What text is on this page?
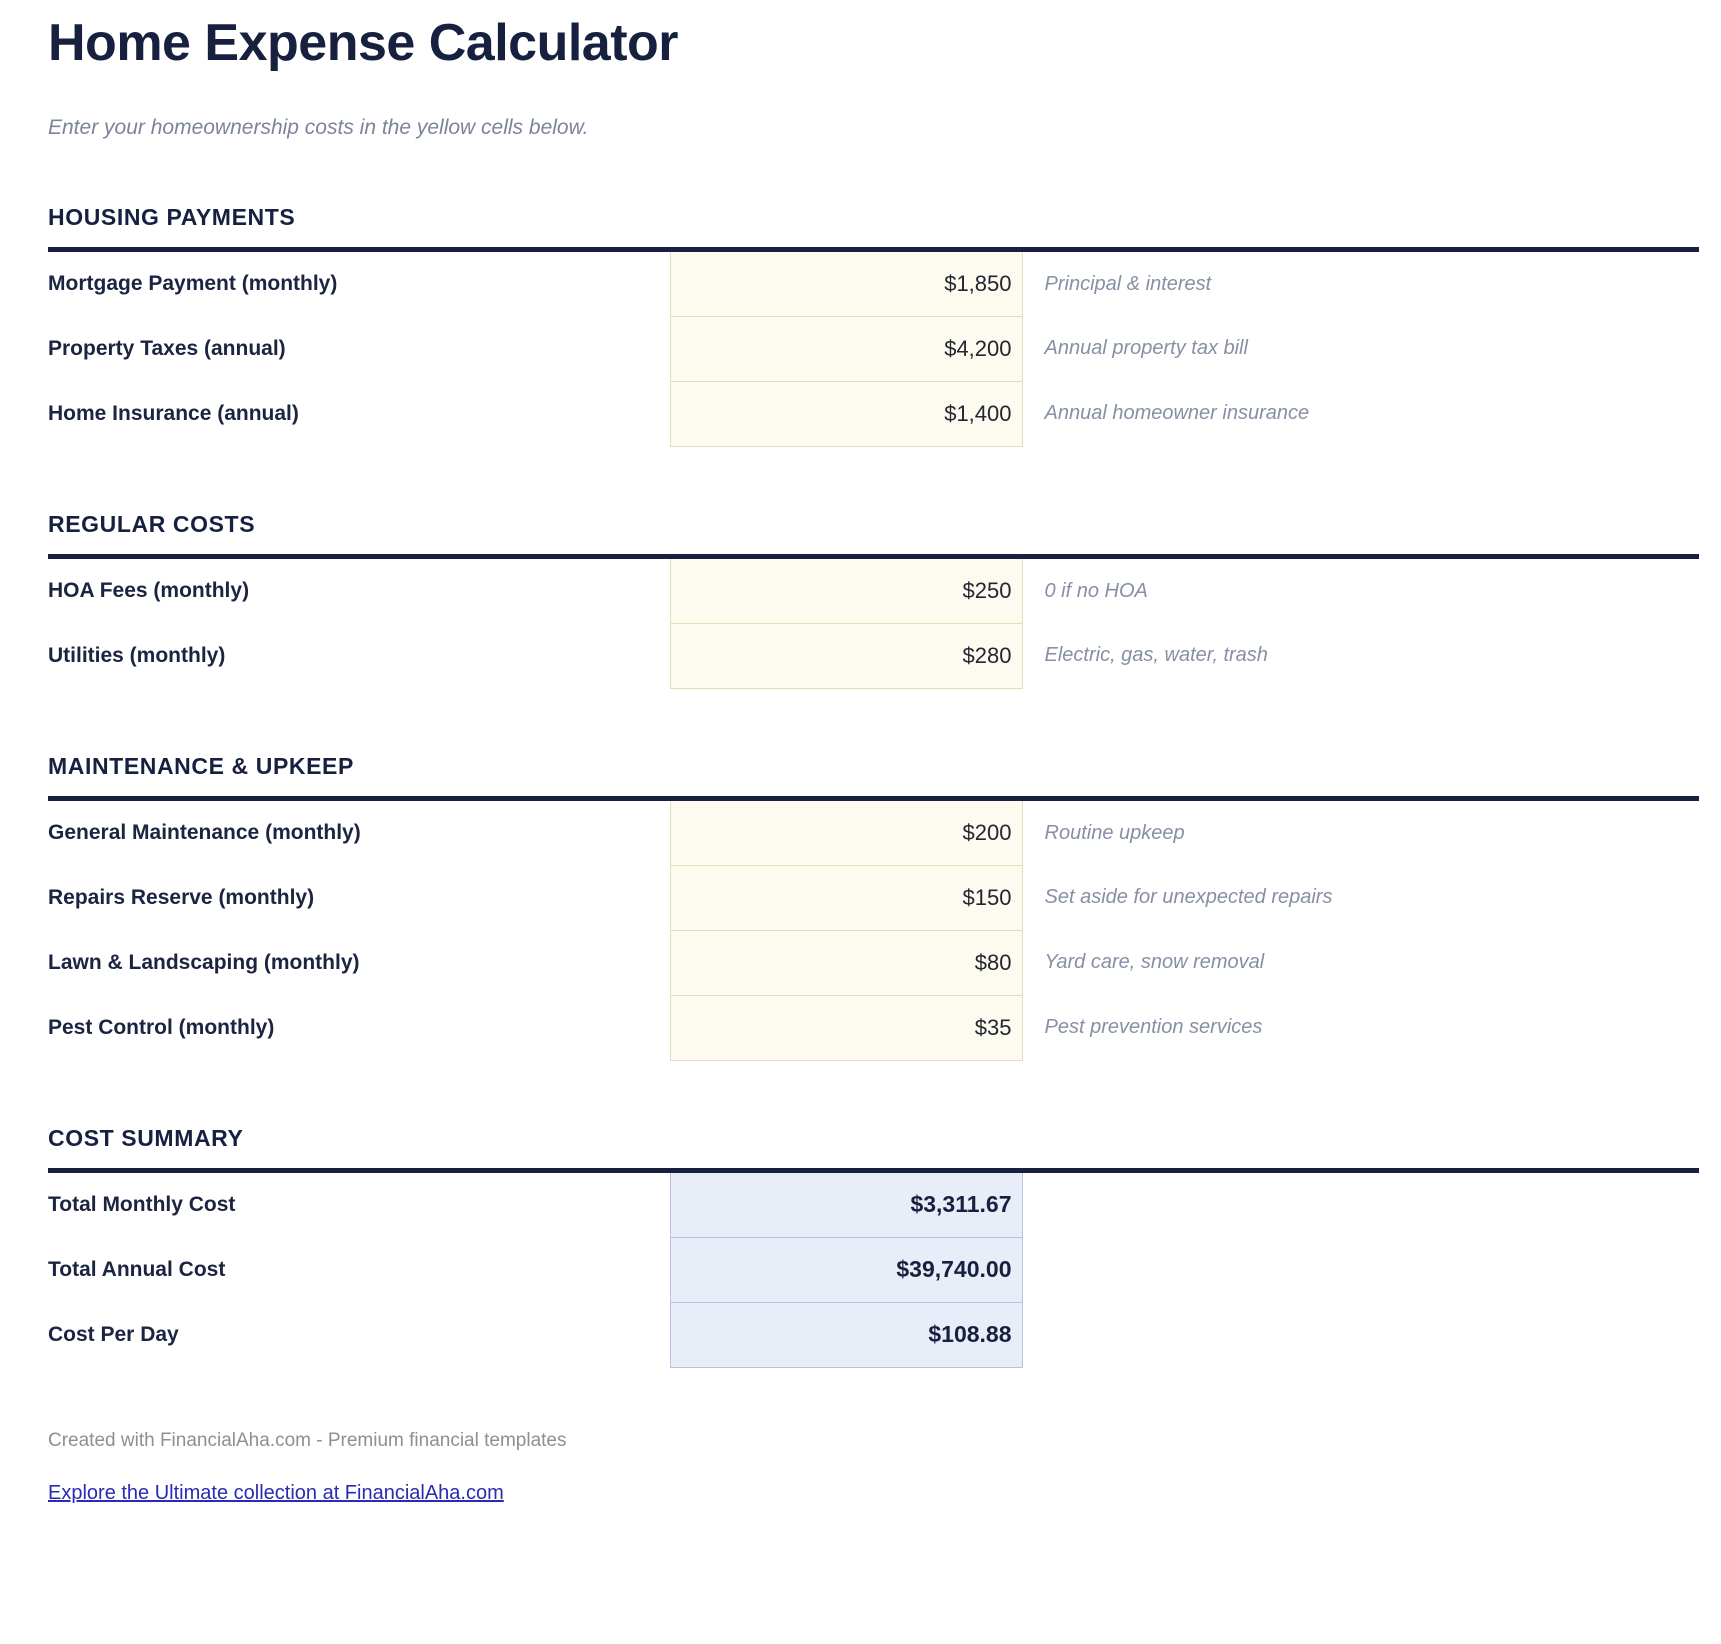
Home Expense Calculator
Enter your homeownership costs in the yellow cells below.
HOUSING PAYMENTS
Mortgage Payment (monthly)	$1,850	Principal & interest
Property Taxes (annual)	$4,200	Annual property tax bill
Home Insurance (annual)	$1,400	Annual homeowner insurance
REGULAR COSTS
HOA Fees (monthly)	$250	0 if no HOA
Utilities (monthly)	$280	Electric, gas, water, trash
MAINTENANCE & UPKEEP
General Maintenance (monthly)	$200	Routine upkeep
Repairs Reserve (monthly)	$150	Set aside for unexpected repairs
Lawn & Landscaping (monthly)	$80	Yard care, snow removal
Pest Control (monthly)	$35	Pest prevention services
COST SUMMARY
Total Monthly Cost	$3,311.67	
Total Annual Cost	$39,740.00	
Cost Per Day	$108.88	
Created with FinancialAha.com - Premium financial templates
Explore the Ultimate collection at FinancialAha.com
